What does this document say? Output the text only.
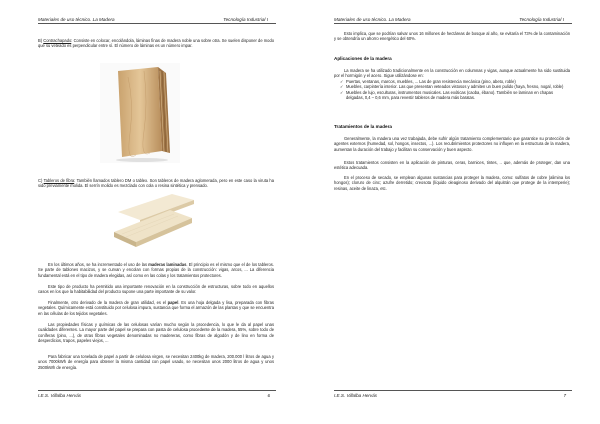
Materiales de uso técnico. La Madera	Tecnología Industrial I
B) Contrachapado: Consiste en colocar, encolándola, láminas finas de madera noble una sobre otra. Se suelen disponer de modo que su veteado es perpendicular entre sí. El número de láminas es un número impar.
C) Tableros de fibra: También llamados tablero DM o tablex. Son tableros de madera aglomerada, pero en este caso la viruta ha sido previamente molida. El serrín molido es mezclado con cola o resina sintética y prensado.
En los últimos años, se ha incrementado el uso de las maderas laminadas. El principio es el mismo que el de los tableros. Se parte de tablones macizos, y se curvan y encolan con formas propias de la construcción: vigas, arcos, ... La diferencia fundamental está en el tipo de madera elegidas, así como en las colas y los tratamientos protectores.
Este tipo de producto ha permitido una importante renovación en la construcción de estructuras, sobre todo en aquellos casos en los que la habitabilidad del producto supone una parte importante de su valor.
Finalmente, otro derivado de la madera de gran utilidad, es el papel. Es una hoja delgada y lisa, preparada con fibras vegetales. Químicamente está constituido por celulosa impura, sustancia que forma el armazón de las plantas y que se encuentra en las células de los tejidos vegetales.
Las propiedades físicas y químicas de las celulosas varían mucho según la procedencia, lo que le da al papel unas cualidades diferentes. La mayor parte del papel se prepara con pasta de celulosa procedente de la madera, 55%, sobre todo de coníferas (pino, ...), de otras fibras vegetales denominadas no madereras, como fibras de algodón y de lino en forma de desperdicios, trapos, papeles viejos, ...
Para fabricar una tonelada de papel a partir de celulosa virgen, se necesitan 2400kg de madera, 200.000 l litros de agua y unos 7000kWh de energía para obtener la misma cantidad con papel usado, se necesitan unos 2000 litros de agua y unos 2500kWh de energía.
I.E.S. Villalba Hervás	6
Materiales de uso técnico. La Madera	Tecnología Industrial I
Esto implica, que se podrían salvar unos 16 millones de hectáreas de bosque al año, se evitaría el 73% de la contaminación y se obtendría un ahorro energético del 60%.
Aplicaciones de la madera
La madera se ha utilizado tradicionalmente en la construcción en columnas y vigas, aunque actualmente ha sido sustituida por el hormigón y el acero. Sigue utilizándose en:
✓ Puertas, ventanas, marcos, muebles, ... Las de gran resistencia mecánica (pino, abeto, roble)
✓ Muebles, carpintería interior. Las que presentan veteados vistosos y admiten un buen pulido (haya, fresno, nogal, roble)
✓ Muebles de lujo, esculturas, instrumentos musicales. Las exóticas (caoba, ébano). También se laminan en chapas delgadas, 0,4 – 0,6 mm, para revestir tableros de madera más baratas.
Tratamientos de la madera
Generalmente, la madera una vez trabajada, debe sufrir algún tratamiento complementario que garantice su protección de agentes externos (humedad, sol, hongos, insectos, ...). Los recubrimientos protectores no influyen en la estructura de la madera, aumentan la duración del trabajo y facilitan su conservación y buen aspecto.
Estos tratamientos consisten en la aplicación de pinturas, ceras, barnices, tintes, .. que, además de proteger, dan una estética adecuada.
En el proceso de secado, se emplean algunas sustancias para proteger la madera, como: sulfatos de cobre (alimina los hongos); cloruro de cinc; azufre derretido; creosota (líquido oleaginoso derivado del alquitrán que protege de la intemperie); resinas, aceite de linaza, etc.
I.E.S. Villalba Hervás	7
